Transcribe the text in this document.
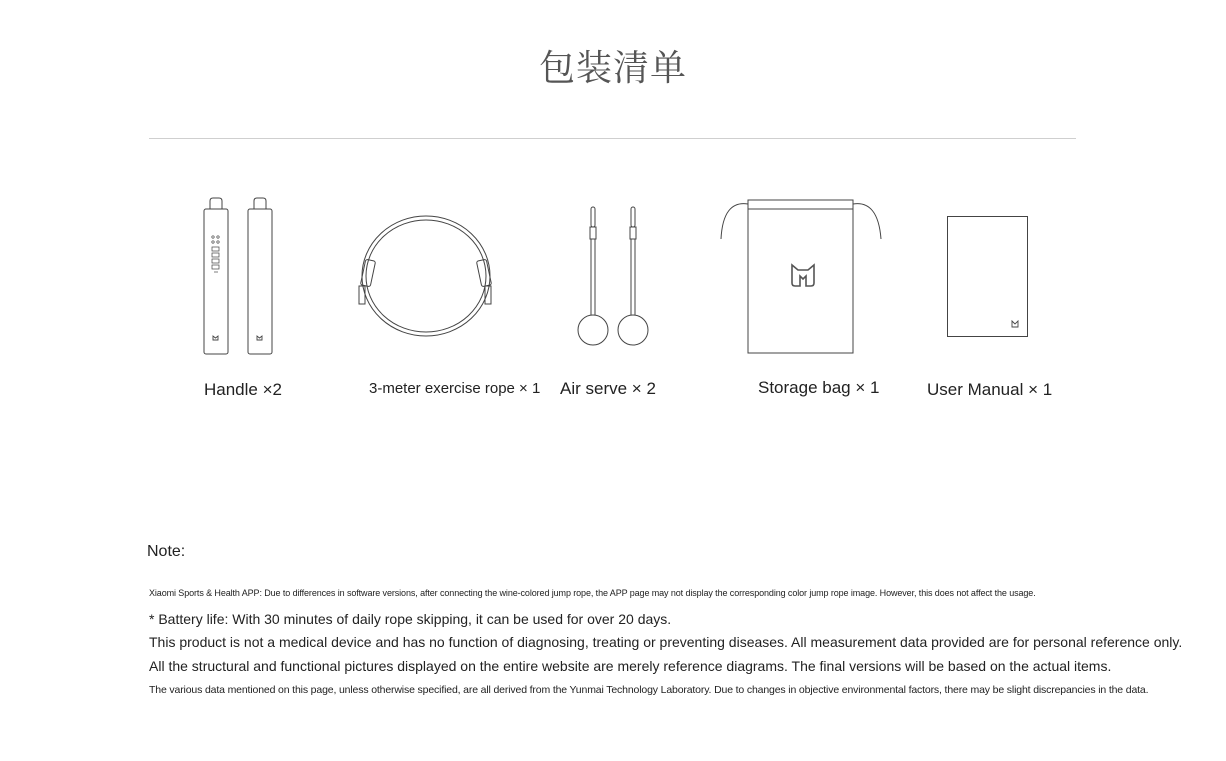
包装清单
Handle ×2	3-meter exercise rope × 1 Air serve × 2	Storage bag × 1	User Manual × 1
Note:
Xiaomi Sports & Health APP: Due to differences in software versions, after connecting the wine-colored jump rope, the APP page may not display the corresponding color jump rope image. However, this does not affect the usage.
* Battery life: With 30 minutes of daily rope skipping, it can be used for over 20 days.
This product is not a medical device and has no function of diagnosing, treating or preventing diseases. All measurement data provided are for personal reference only.
All the structural and functional pictures displayed on the entire website are merely reference diagrams. The final versions will be based on the actual items.
The various data mentioned on this page, unless otherwise specified, are all derived from the Yunmai Technology Laboratory. Due to changes in objective environmental factors, there may be slight discrepancies in the data.
